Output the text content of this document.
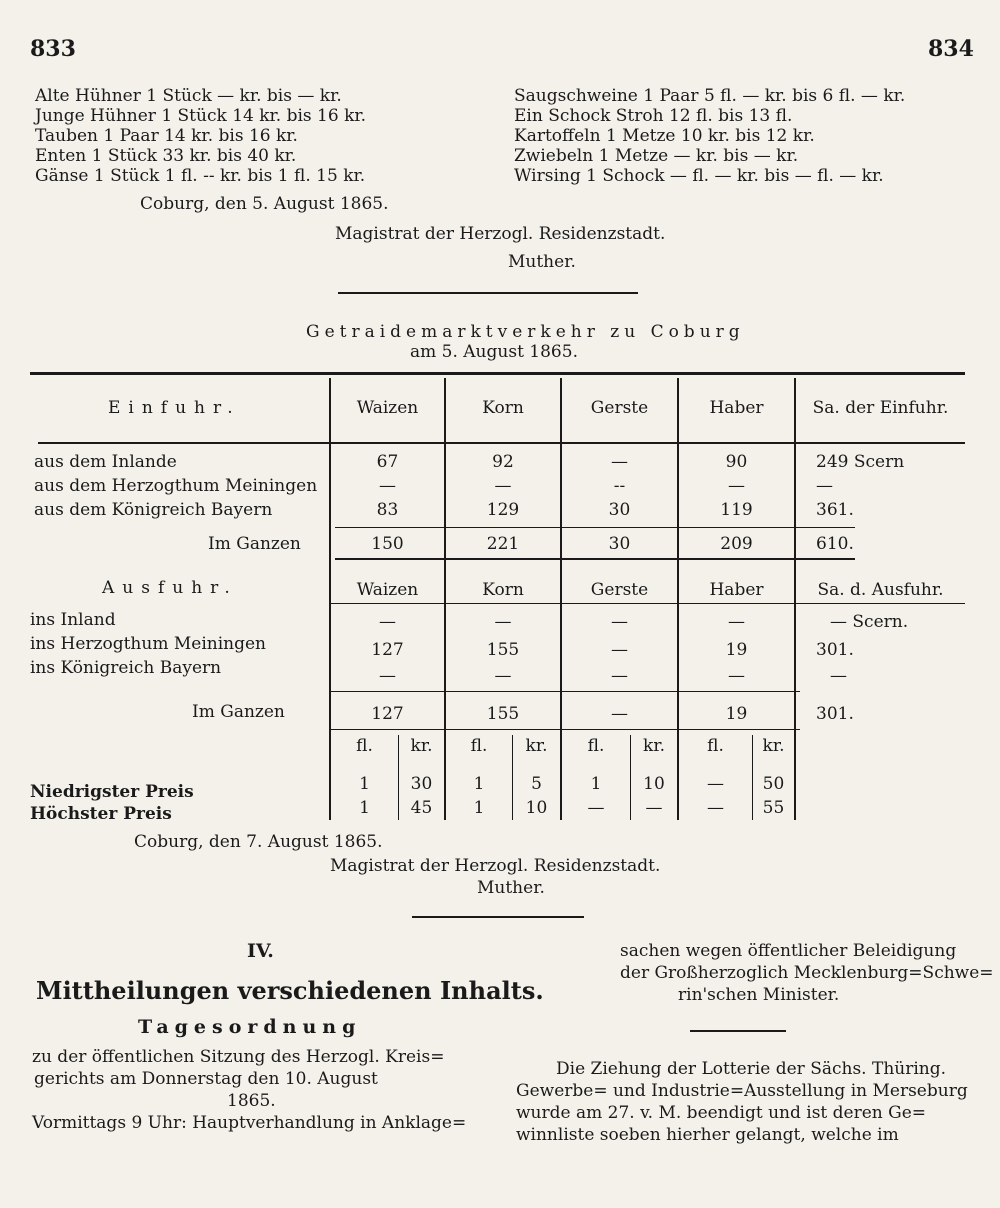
833	834
Alte Hühner 1 Stück — kr. bis — kr.
Junge Hühner 1 Stück 14 kr. bis 16 kr.
Tauben 1 Paar 14 kr. bis 16 kr.
Enten 1 Stück 33 kr. bis 40 kr.
Gänse 1 Stück 1 fl. -- kr. bis 1 fl. 15 kr.
Saugschweine 1 Paar 5 fl. — kr. bis 6 fl. — kr.
Ein Schock Stroh 12 fl. bis 13 fl.
Kartoffeln 1 Metze 10 kr. bis 12 kr.
Zwiebeln 1 Metze — kr. bis — kr.
Wirsing 1 Schock — fl. — kr. bis — fl. — kr.
Coburg, den 5. August 1865.
Magistrat der Herzogl. Residenzstadt.
Muther.
Getraidemarktverkehr zu Coburg
am 5. August 1865.
Einfuhr.	Waizen	Korn	Gerste	Haber	Sa. der Einfuhr.
aus dem Inlande	67	92	—	90	249 Scern
aus dem Herzogthum Meiningen	—	—	--	—	—
aus dem Königreich Bayern	83	129	30	119	361.
Im Ganzen	150	221	30	209	610.
Ausfuhr.	Waizen	Korn	Gerste	Haber	Sa. d. Ausfuhr.
ins Inland	—	—	—	—	— Scern.
ins Herzogthum Meiningen	127	155	—	19	301.
ins Königreich Bayern	—	—	—	—	—
Im Ganzen	127	155	—	19	301.
fl.	kr.	fl.	kr.	fl.	kr.	fl.	kr.
Niedrigster Preis	1	30	1	5	1	10	—	50
Höchster Preis	1	45	1	10	—	—	—	55
Coburg, den 7. August 1865.
Magistrat der Herzogl. Residenzstadt.
Muther.
IV.
Mittheilungen verschiedenen Inhalts.
Tagesordnung
zu der öffentlichen Sitzung des Herzogl. Kreis=
gerichts am Donnerstag den 10. August
1865.
Vormittags 9 Uhr: Hauptverhandlung in Anklage=
sachen wegen öffentlicher Beleidigung
der Großherzoglich Mecklenburg=Schwe=
rin'schen Minister.
Die Ziehung der Lotterie der Sächs. Thüring.
Gewerbe= und Industrie=Ausstellung in Merseburg
wurde am 27. v. M. beendigt und ist deren Ge=
winnliste soeben hierher gelangt, welche im
